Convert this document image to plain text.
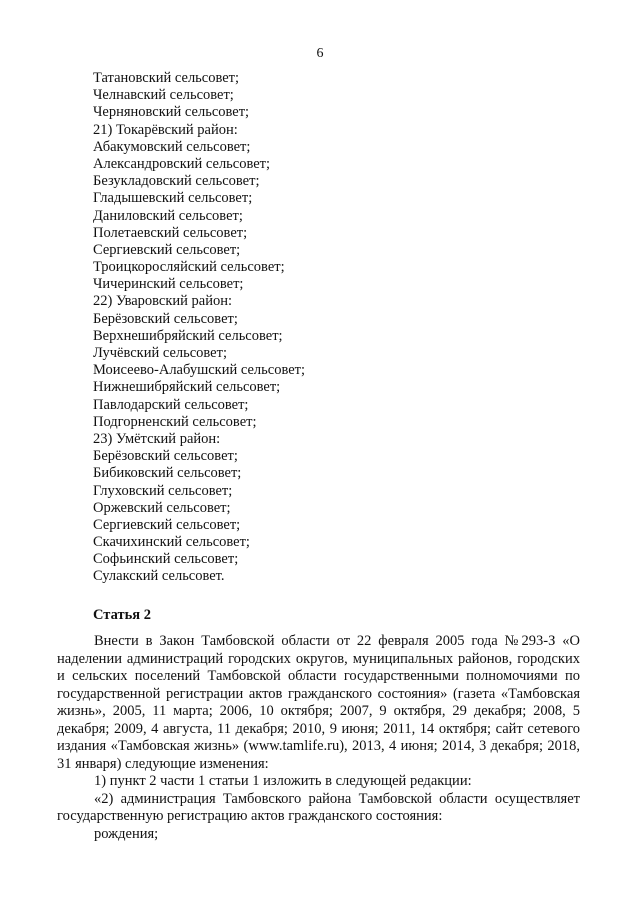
6
Татановский сельсовет;
Челнавский сельсовет;
Черняновский сельсовет;
21) Токарёвский район:
Абакумовский сельсовет;
Александровский сельсовет;
Безукладовский сельсовет;
Гладышевский сельсовет;
Даниловский сельсовет;
Полетаевский сельсовет;
Сергиевский сельсовет;
Троицкоросляйский сельсовет;
Чичеринский сельсовет;
22) Уваровский район:
Берёзовский сельсовет;
Верхнешибряйский сельсовет;
Лучёвский сельсовет;
Моисеево-Алабушский сельсовет;
Нижнешибряйский сельсовет;
Павлодарский сельсовет;
Подгорненский сельсовет;
23) Умётский район:
Берёзовский сельсовет;
Бибиковский сельсовет;
Глуховский сельсовет;
Оржевский сельсовет;
Сергиевский сельсовет;
Скачихинский сельсовет;
Софьинский сельсовет;
Сулакский сельсовет.
Статья 2

Внести в Закон Тамбовской области от 22 февраля 2005 года №293-З «О наделении администраций городских округов, муниципальных районов, городских и сельских поселений Тамбовской области государственными полномочиями по государственной регистрации актов гражданского состояния» (газета «Тамбовская жизнь», 2005, 11 марта; 2006, 10 октября; 2007, 9 октября, 29 декабря; 2008, 5 декабря; 2009, 4 августа, 11 декабря; 2010, 9 июня; 2011, 14 октября; сайт сетевого издания «Тамбовская жизнь» (www.tamlife.ru), 2013, 4 июня; 2014, 3 декабря; 2018, 31 января) следующие изменения:

1) пункт 2 части 1 статьи 1 изложить в следующей редакции:

«2) администрация Тамбовского района Тамбовской области осуществляет государственную регистрацию актов гражданского состояния:

рождения;
